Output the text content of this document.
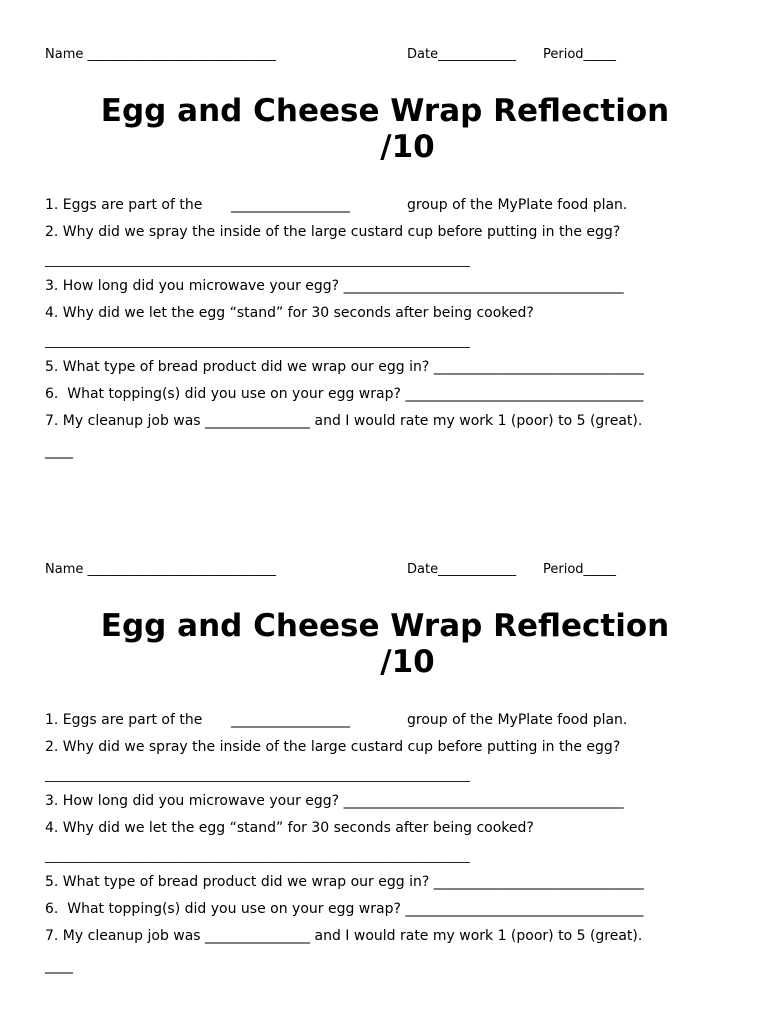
Name _____________________________	Date____________ Period_____
Egg and Cheese Wrap Reflection
/10
1. Eggs are part of the _________________	group of the MyPlate food plan.
2. Why did we spray the inside of the large custard cup before putting in the egg?
________________________________________________________________________
3. How long did you microwave your egg? ________________________________________
4. Why did we let the egg “stand” for 30 seconds after being cooked?
________________________________________________________________________
5. What type of bread product did we wrap our egg in? ______________________________
6.  What topping(s) did you use on your egg wrap? __________________________________
7. My cleanup job was _______________ and I would rate my work 1 (poor) to 5 (great).
____
Name _____________________________	Date____________ Period_____
Egg and Cheese Wrap Reflection
/10
1. Eggs are part of the _________________	group of the MyPlate food plan.
2. Why did we spray the inside of the large custard cup before putting in the egg?
________________________________________________________________________
3. How long did you microwave your egg? ________________________________________
4. Why did we let the egg “stand” for 30 seconds after being cooked?
________________________________________________________________________
5. What type of bread product did we wrap our egg in? ______________________________
6.  What topping(s) did you use on your egg wrap? __________________________________
7. My cleanup job was _______________ and I would rate my work 1 (poor) to 5 (great).
____
